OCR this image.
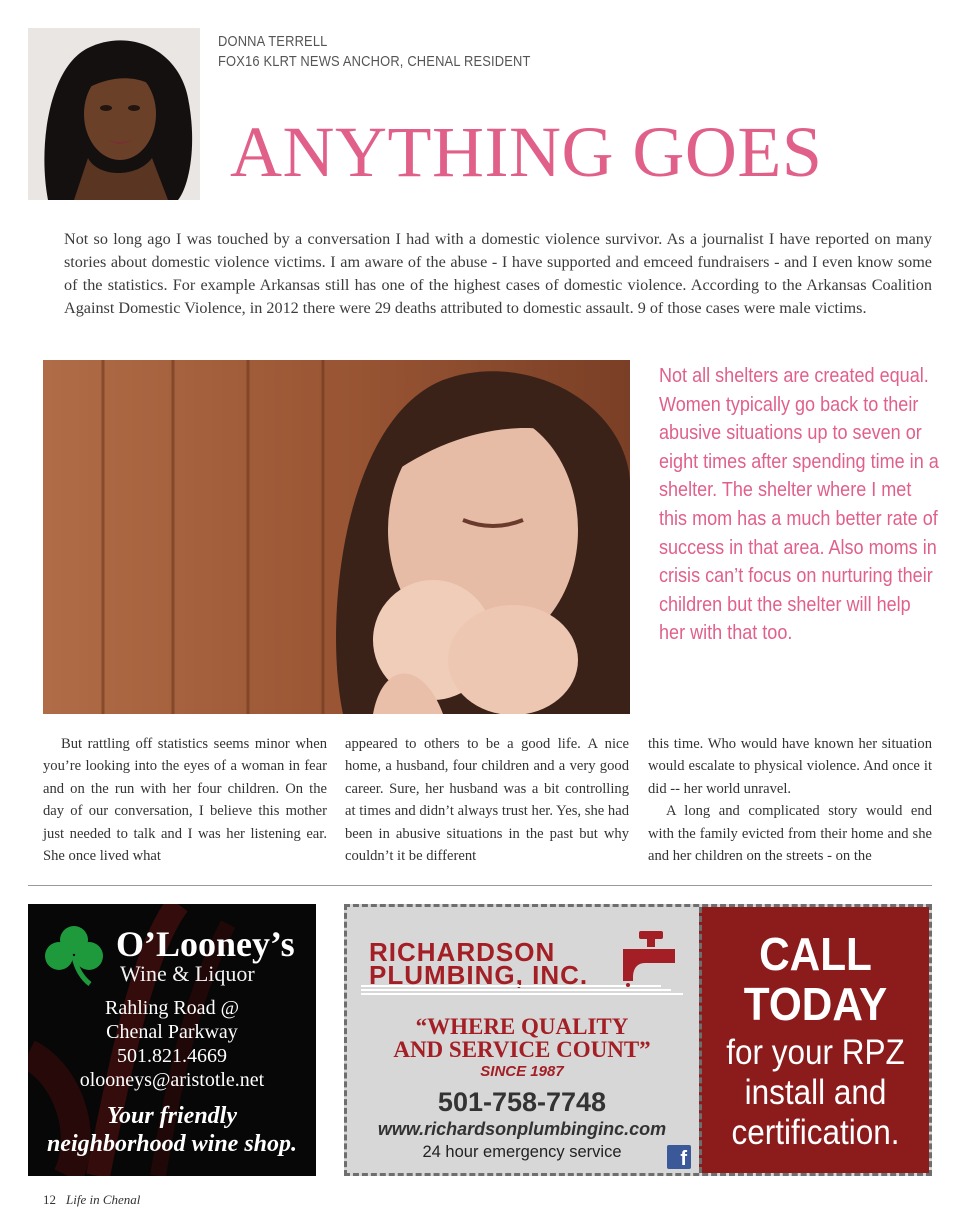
DONNA TERRELL
FOX16 KLRT NEWS ANCHOR, CHENAL RESIDENT
ANYTHING GOES

Not so long ago I was touched by a conversation I had with a domestic violence survivor. As a journalist I have reported on many stories about domestic violence victims. I am aware of the abuse - I have supported and emceed fundraisers - and I even know some of the statistics. For example Arkansas still has one of the highest cases of domestic violence. According to the Arkansas Coalition Against Domestic Violence, in 2012 there were 29 deaths attributed to domestic assault. 9 of those cases were male victims.

Not all shelters are created equal. Women typically go back to their abusive situations up to seven or eight times after spending time in a shelter. The shelter where I met this mom has a much better rate of success in that area. Also moms in crisis can’t focus on nurturing their children but the shelter will help her with that too.

But rattling off statistics seems minor when you’re looking into the eyes of a woman in fear and on the run with her four children. On the day of our conversation, I believe this mother just needed to talk and I was her listening ear. She once lived what

appeared to others to be a good life. A nice home, a husband, four children and a very good career. Sure, her husband was a bit controlling at times and didn’t always trust her. Yes, she had been in abusive situations in the past but why couldn’t it be different

this time. Who would have known her situation would escalate to physical violence. And once it did -- her world unravel.

A long and complicated story would end with the family evicted from their home and she and her children on the streets - on the

O’Looney’s
Wine & Liquor
Rahling Road @
Chenal Parkway
501.821.4669
olooneys@aristotle.net
Your friendly
neighborhood wine shop.
RICHARDSON
PLUMBING, INC.
“WHERE QUALITY
AND SERVICE COUNT”
SINCE 1987
501-758-7748
www.richardsonplumbinginc.com
24 hour emergency service	f
CALL
TODAY
for your RPZ
install and
certification.
12 Life in Chenal
